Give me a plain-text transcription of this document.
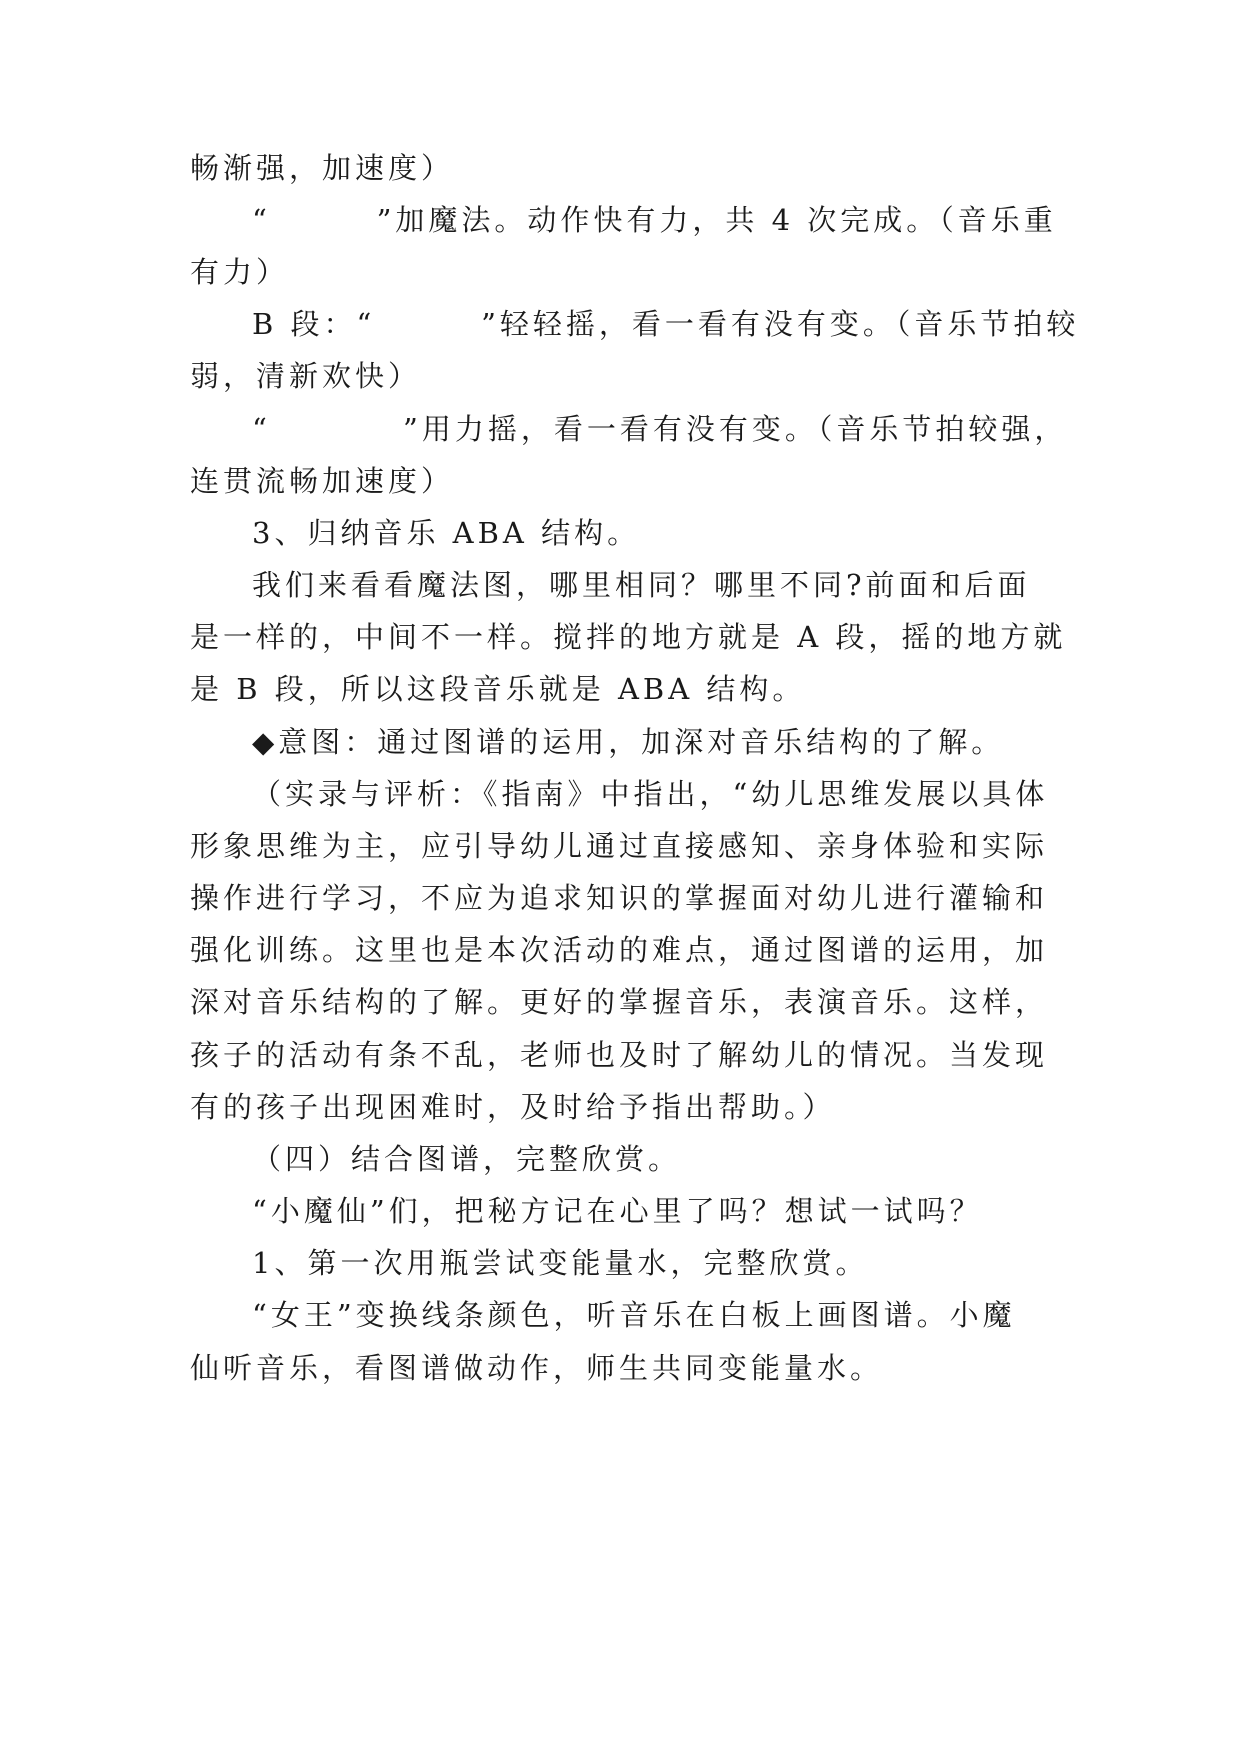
畅渐强，加速度）
“        ”加魔法。动作快有力，共 4 次完成。（音乐重
有力）
B 段：“        ”轻轻摇，看一看有没有变。（音乐节拍较
弱，清新欢快）
“          ”用力摇，看一看有没有变。（音乐节拍较强，
连贯流畅加速度）
3、归纳音乐 ABA 结构。
我们来看看魔法图，哪里相同？哪里不同?前面和后面
是一样的，中间不一样。搅拌的地方就是 A 段，摇的地方就
是 B 段，所以这段音乐就是 ABA 结构。
◆意图：通过图谱的运用，加深对音乐结构的了解。
（实录与评析：《指南》中指出，“幼儿思维发展以具体
形象思维为主，应引导幼儿通过直接感知、亲身体验和实际
操作进行学习，不应为追求知识的掌握面对幼儿进行灌输和
强化训练。这里也是本次活动的难点，通过图谱的运用，加
深对音乐结构的了解。更好的掌握音乐，表演音乐。这样，
孩子的活动有条不乱，老师也及时了解幼儿的情况。当发现
有的孩子出现困难时，及时给予指出帮助。）
（四）结合图谱，完整欣赏。
“小魔仙”们，把秘方记在心里了吗？想试一试吗？
1、第一次用瓶尝试变能量水，完整欣赏。
“女王”变换线条颜色，听音乐在白板上画图谱。小魔
仙听音乐，看图谱做动作，师生共同变能量水。
